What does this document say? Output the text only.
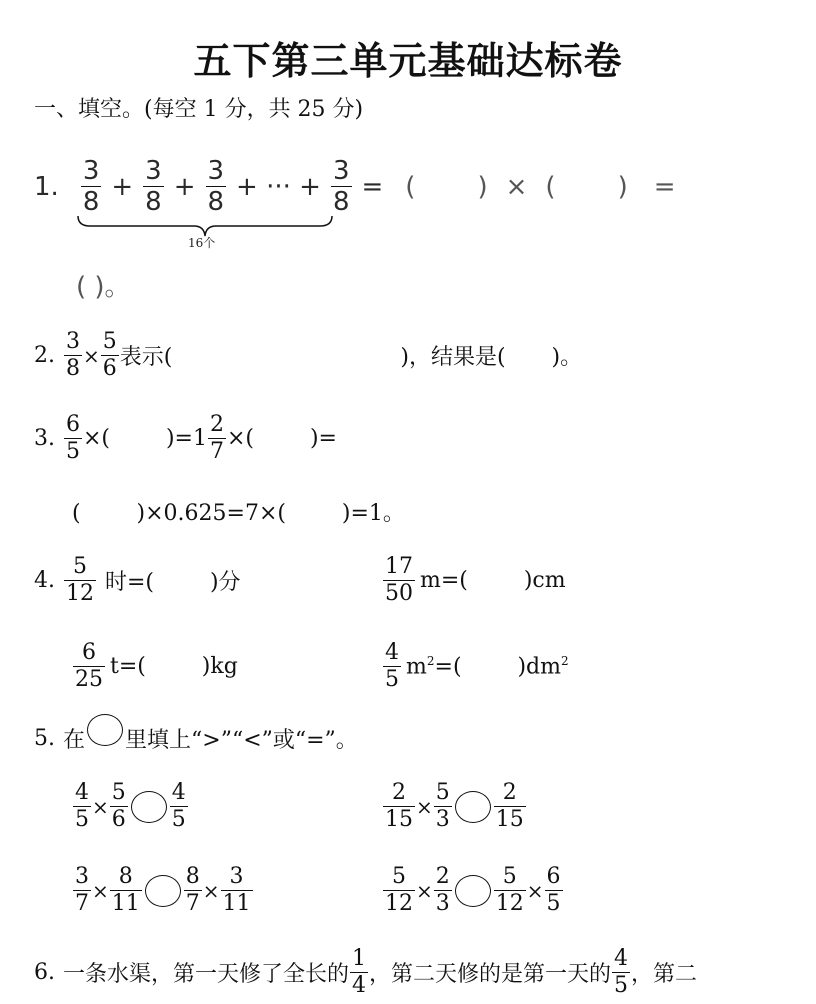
五下第三单元基础达标卷
一、填空。(每空 1 分，共 25 分)
1. $\frac{3}{8} + \frac{3}{8} + \frac{3}{8}$ + ··· + $\frac{3}{8}$ = ( ) × ( ) =
16个
( )。
2. $\frac{3}{8} \times \frac{5}{6}$ 表示(	)，结果是( )。
3. $\frac{6}{5}$ ×(        )$=1 \frac{2}{7}$ ×(        )=
(        )×0.625=7×(        )=1。
4. $\frac{5}{12}$ 时=(        )分	$\frac{17}{50} m=$(        )cm
$\frac{6}{25} t=$(        )kg	$\frac{4}{5} m^2=$(        )$dm^2$
5. 在 里填上“>”“<”或“=”。
$\frac{4}{5} \times \frac{5}{6} \frac{4}{5}$	$\frac{2}{15} \times \frac{5}{3} \frac{2}{15}$
$\frac{3}{7} \times \frac{8}{11} \frac{8}{7} \times \frac{3}{11}$	$\frac{5}{12} \times \frac{2}{3} \frac{5}{12} \times \frac{6}{5}$
6. 一条水渠，第一天修了全长的 $\frac{1}{4}$ ，第二天修的是第一天的 $\frac{4}{5}$ ，第二
